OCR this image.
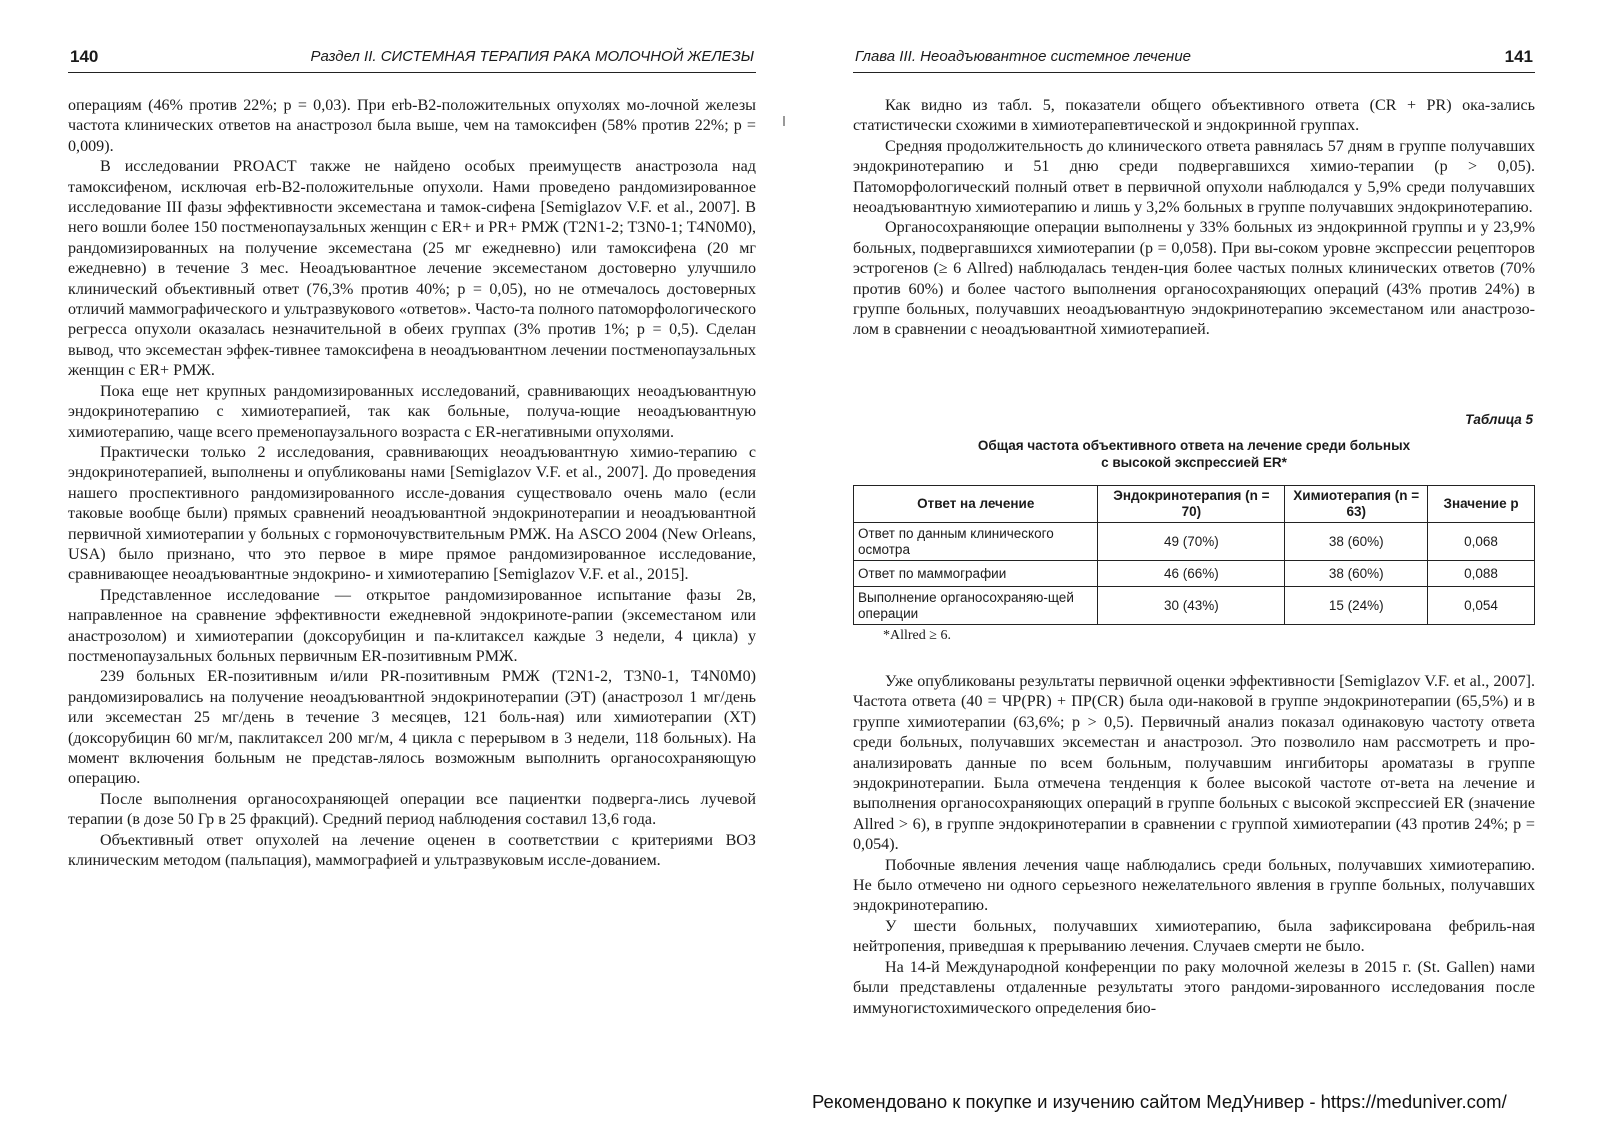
140	Раздел II. СИСТЕМНАЯ ТЕРАПИЯ РАКА МОЛОЧНОЙ ЖЕЛЕЗЫ

операциям (46% против 22%; p = 0,03). При erb-B2-положительных опухолях мо-лочной железы частота клинических ответов на анастрозол была выше, чем на тамоксифен (58% против 22%; p = 0,009).

В исследовании PROACT также не найдено особых преимуществ анастрозола над тамоксифеном, исключая erb-B2-положительные опухоли. Нами проведено рандомизированное исследование III фазы эффективности эксеместана и тамок-сифена [Semiglazov V.F. et al., 2007]. В него вошли более 150 постменопаузальных женщин с ER+ и PR+ РМЖ (T2N1-2; T3N0-1; T4N0M0), рандомизированных на получение эксеместана (25 мг ежедневно) или тамоксифена (20 мг ежедневно) в течение 3 мес. Неоадъювантное лечение эксеместаном достоверно улучшило клинический объективный ответ (76,3% против 40%; p = 0,05), но не отмечалось достоверных отличий маммографического и ультразвукового «ответов». Часто-та полного патоморфологического регресса опухоли оказалась незначительной в обеих группах (3% против 1%; p = 0,5). Сделан вывод, что эксеместан эффек-тивнее тамоксифена в неоадъювантном лечении постменопаузальных женщин с ER+ РМЖ.

Пока еще нет крупных рандомизированных исследований, сравнивающих неоадъювантную эндокринотерапию с химиотерапией, так как больные, получа-ющие неоадъювантную химиотерапию, чаще всего пременопаузального возраста с ER-негативными опухолями.

Практически только 2 исследования, сравнивающих неоадъювантную химио-терапию с эндокринотерапией, выполнены и опубликованы нами [Semiglazov V.F. et al., 2007]. До проведения нашего проспективного рандомизированного иссле-дования существовало очень мало (если таковые вообще были) прямых сравнений неоадъювантной эндокринотерапии и неоадъювантной первичной химиотерапии у больных с гормоночувствительным РМЖ. На ASCO 2004 (New Orleans, USA) было признано, что это первое в мире прямое рандомизированное исследование, сравнивающее неоадъювантные эндокрино- и химиотерапию [Semiglazov V.F. et al., 2015].

Представленное исследование — открытое рандомизированное испытание фазы 2в, направленное на сравнение эффективности ежедневной эндокриноте-рапии (эксеместаном или анастрозолом) и химиотерапии (доксорубицин и па-клитаксел каждые 3 недели, 4 цикла) у постменопаузальных больных первичным ER-позитивным РМЖ.

239 больных ER-позитивным и/или PR-позитивным РМЖ (T2N1-2, T3N0-1, T4N0M0) рандомизировались на получение неоадъювантной эндокринотерапии (ЭТ) (анастрозол 1 мг/день или эксеместан 25 мг/день в течение 3 месяцев, 121 боль-ная) или химиотерапии (ХТ) (доксорубицин 60 мг/м, паклитаксел 200 мг/м, 4 цикла с перерывом в 3 недели, 118 больных). На момент включения больным не представ-лялось возможным выполнить органосохраняющую операцию.

После выполнения органосохраняющей операции все пациентки подверга-лись лучевой терапии (в дозе 50 Гр в 25 фракций). Средний период наблюдения составил 13,6 года.

Объективный ответ опухолей на лечение оценен в соответствии с критериями ВОЗ клиническим методом (пальпация), маммографией и ультразвуковым иссле-дованием.

Глава III. Неоадъювантное системное лечение	141

Как видно из табл. 5, показатели общего объективного ответа (CR + PR) ока-зались статистически схожими в химиотерапевтической и эндокринной группах.

Средняя продолжительность до клинического ответа равнялась 57 дням в группе получавших эндокринотерапию и 51 дню среди подвергавшихся химио-терапии (p > 0,05). Патоморфологический полный ответ в первичной опухоли наблюдался у 5,9% среди получавших неоадъювантную химиотерапию и лишь у 3,2% больных в группе получавших эндокринотерапию.

Органосохраняющие операции выполнены у 33% больных из эндокринной группы и у 23,9% больных, подвергавшихся химиотерапии (p = 0,058). При вы-соком уровне экспрессии рецепторов эстрогенов (≥ 6 Allred) наблюдалась тенден-ция более частых полных клинических ответов (70% против 60%) и более частого выполнения органосохраняющих операций (43% против 24%) в группе больных, получавших неоадъювантную эндокринотерапию эксеместаном или анастрозо-лом в сравнении с неоадъювантной химиотерапией.

Таблица 5
Общая частота объективного ответа на лечение среди больных
с высокой экспрессией ER*
Ответ на лечение	Эндокринотерапия (n = 70)	Химиотерапия (n = 63)	Значение p
Ответ по данным клинического осмотра	49 (70%)	38 (60%)	0,068
Ответ по маммографии	46 (66%)	38 (60%)	0,088
Выполнение органосохраняю-щей операции	30 (43%)	15 (24%)	0,054
*Allred ≥ 6.

Уже опубликованы результаты первичной оценки эффективности [Semiglazov V.F. et al., 2007]. Частота ответа (40 = ЧР(PR) + ПР(CR) была оди-наковой в группе эндокринотерапии (65,5%) и в группе химиотерапии (63,6%; p > 0,5). Первичный анализ показал одинаковую частоту ответа среди больных, получавших эксеместан и анастрозол. Это позволило нам рассмотреть и про-анализировать данные по всем больным, получавшим ингибиторы ароматазы в группе эндокринотерапии. Была отмечена тенденция к более высокой частоте от-вета на лечение и выполнения органосохраняющих операций в группе больных с высокой экспрессией ER (значение Allred > 6), в группе эндокринотерапии в сравнении с группой химиотерапии (43 против 24%; p = 0,054).

Побочные явления лечения чаще наблюдались среди больных, получавших химиотерапию. Не было отмечено ни одного серьезного нежелательного явления в группе больных, получавших эндокринотерапию.

У шести больных, получавших химиотерапию, была зафиксирована фебриль-ная нейтропения, приведшая к прерыванию лечения. Случаев смерти не было.

На 14-й Международной конференции по раку молочной железы в 2015 г. (St. Gallen) нами были представлены отдаленные результаты этого рандоми-зированного исследования после иммуногистохимического определения био-

Рекомендовано к покупке и изучению сайтом МедУнивер - https://meduniver.com/
